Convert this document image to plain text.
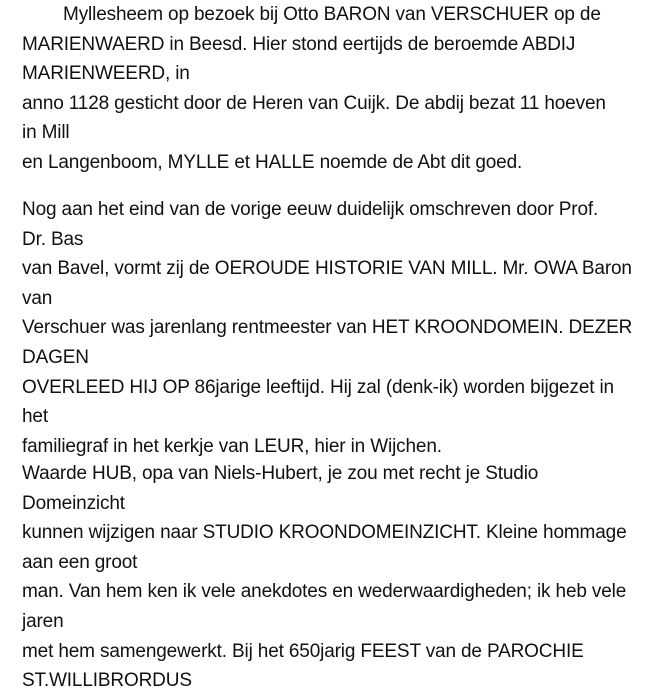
Myllesheem op bezoek bij Otto BARON van VERSCHUER op de
MARIENWAERD in Beesd. Hier stond eertijds de beroemde ABDIJ
MARIENWEERD, in
anno 1128 gesticht door de Heren van Cuijk. De abdij bezat 11 hoeven
in Mill
en Langenboom, MYLLE et HALLE noemde de Abt dit goed.
Nog aan het eind van de vorige eeuw duidelijk omschreven door Prof.
Dr. Bas
van Bavel, vormt zij de OEROUDE HISTORIE VAN MILL. Mr. OWA Baron
van
Verschuer was jarenlang rentmeester van HET KROONDOMEIN. DEZER
DAGEN
OVERLEED HIJ OP 86jarige leeftijd. Hij zal (denk-ik) worden bijgezet in
het
familiegraf in het kerkje van LEUR, hier in Wijchen.
Waarde HUB, opa van Niels-Hubert, je zou met recht je Studio
Domeinzicht
kunnen wijzigen naar STUDIO KROONDOMEINZICHT. Kleine hommage
aan een groot
man. Van hem ken ik vele anekdotes en wederwaardigheden; ik heb vele
jaren
met hem samengewerkt. Bij het 650jarig FEEST van de PAROCHIE
ST.WILLIBRORDUS
